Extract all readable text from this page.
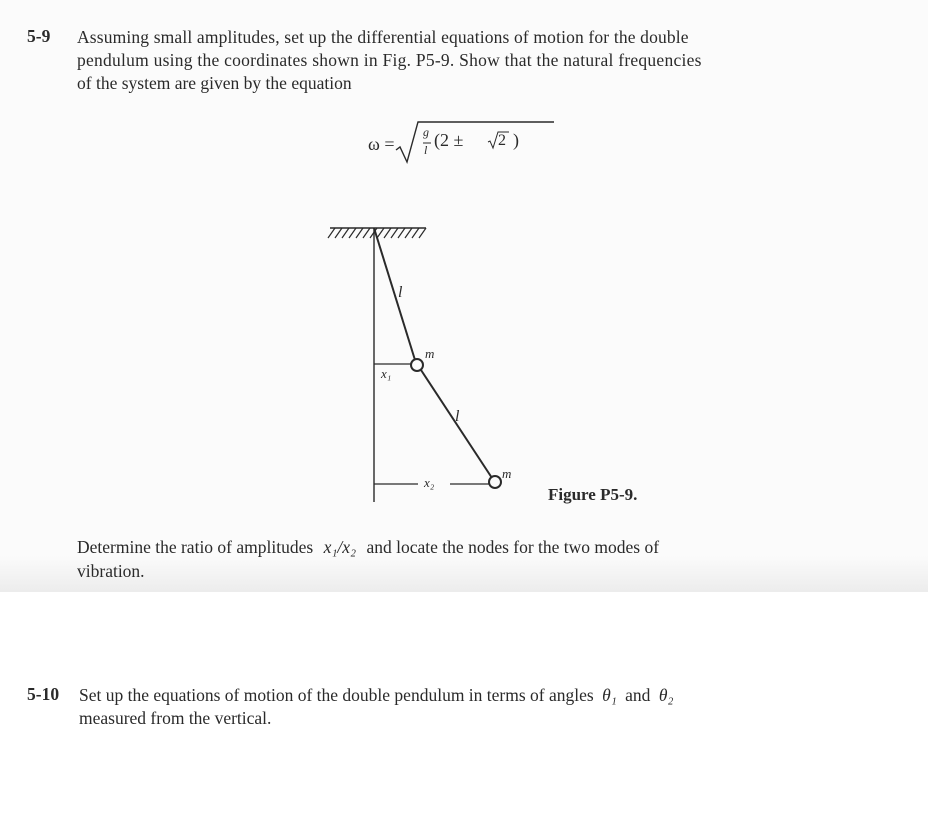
5-9 Assuming small amplitudes, set up the differential equations of motion for the double
pendulum using the coordinates shown in Fig. P5-9. Show that the natural frequencies
of the system are given by the equation
ω =
g
l (2 ± 2 )
l
l
m
m
x₁
x₂
Figure P5-9.
Determine the ratio of amplitudes x₁/x₂ and locate the nodes for the two modes of
vibration.
5-10 Set up the equations of motion of the double pendulum in terms of angles θ₁ and θ₂
measured from the vertical.
